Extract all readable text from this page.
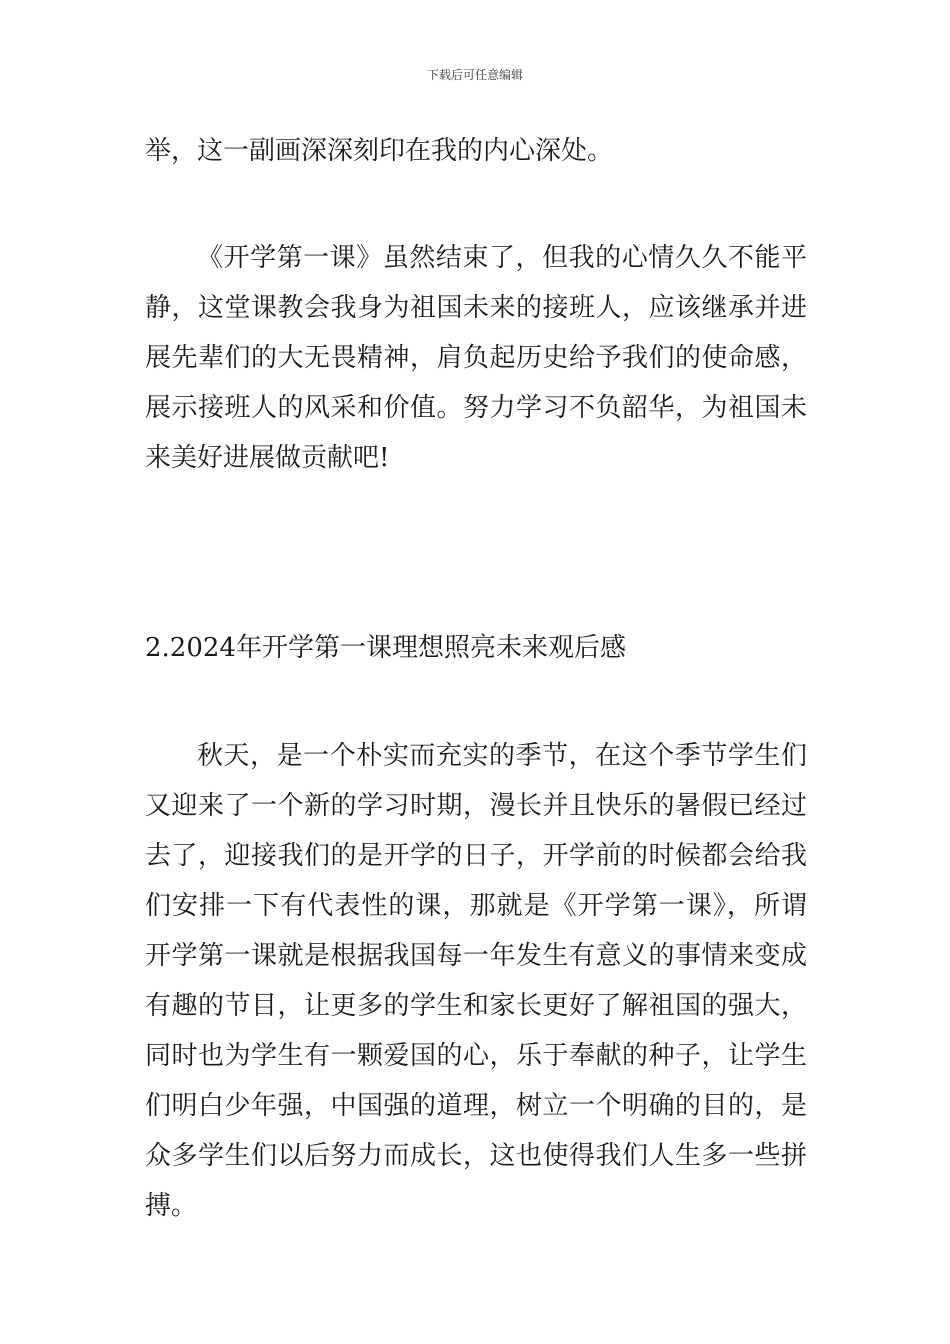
下载后可任意编辑

举，这一副画深深刻印在我的内心深处。

《开学第一课》虽然结束了，但我的心情久久不能平
静，这堂课教会我身为祖国未来的接班人，应该继承并进
展先辈们的大无畏精神，肩负起历史给予我们的使命感，
展示接班人的风采和价值。努力学习不负韶华，为祖国未
来美好进展做贡献吧!

2.2024年开学第一课理想照亮未来观后感

秋天，是一个朴实而充实的季节，在这个季节学生们
又迎来了一个新的学习时期，漫长并且快乐的暑假已经过
去了，迎接我们的是开学的日子，开学前的时候都会给我
们安排一下有代表性的课，那就是《开学第一课》，所谓
开学第一课就是根据我国每一年发生有意义的事情来变成
有趣的节目，让更多的学生和家长更好了解祖国的强大，
同时也为学生有一颗爱国的心，乐于奉献的种子，让学生
们明白少年强，中国强的道理，树立一个明确的目的，是
众多学生们以后努力而成长，这也使得我们人生多一些拼
搏。
